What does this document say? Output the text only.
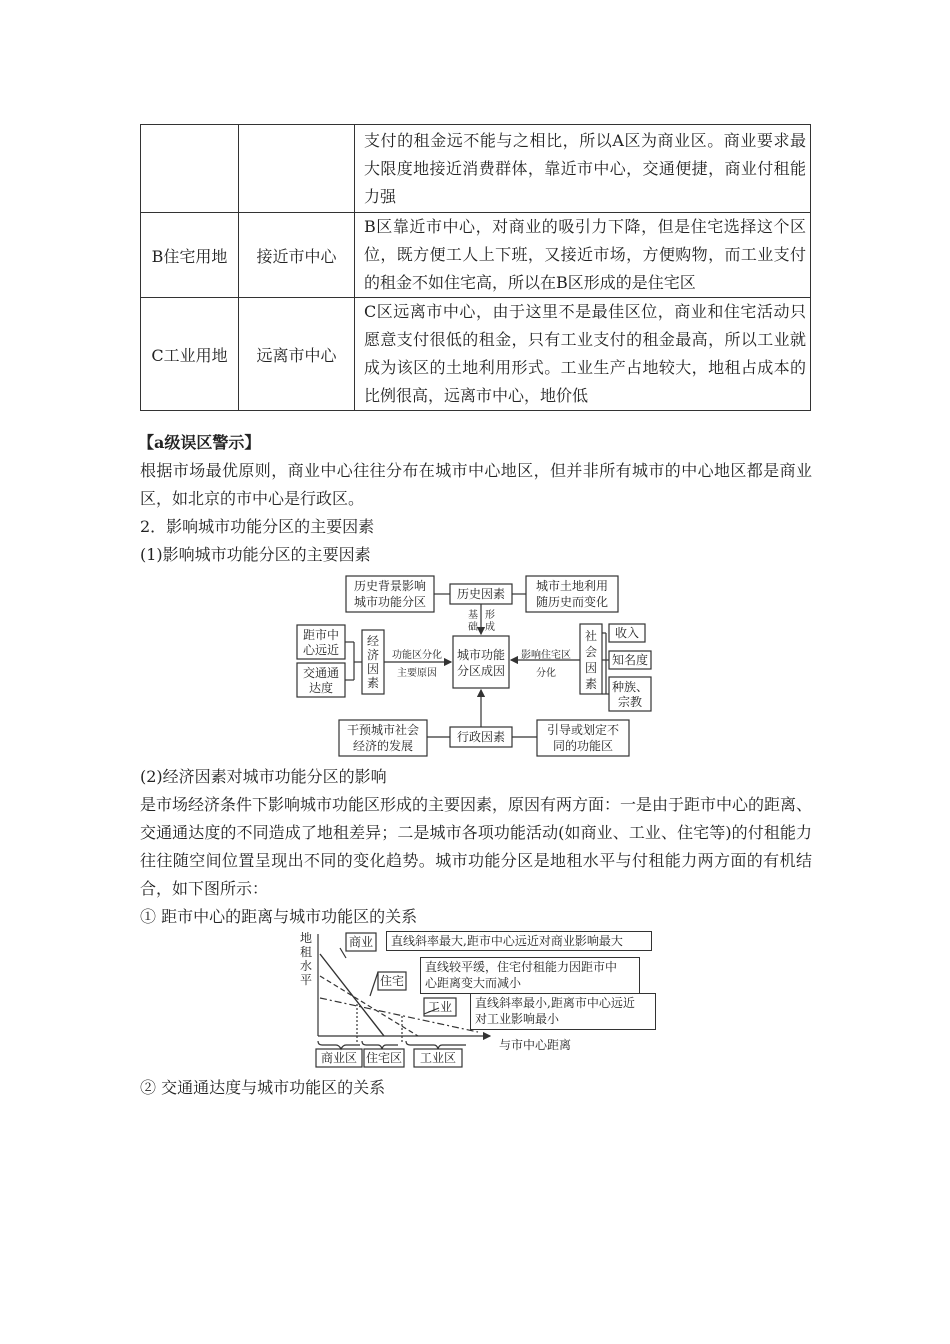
		支付的租金远不能与之相比，所以A区为商业区。商业要求最大限度地接近消费群体，靠近市中心，交通便捷，商业付租能力强
B住宅用地	接近市中心	B区靠近市中心，对商业的吸引力下降，但是住宅选择这个区位，既方便工人上下班，又接近市场，方便购物，而工业支付的租金不如住宅高，所以在B区形成的是住宅区
C工业用地	远离市中心	C区远离市中心，由于这里不是最佳区位，商业和住宅活动只愿意支付很低的租金，只有工业支付的租金最高，所以工业就成为该区的土地利用形式。工业生产占地较大，地租占成本的比例很高，远离市中心，地价低
【a级误区警示】
根据市场最优原则，商业中心往往分布在城市中心地区，但并非所有城市的中心地区都是商业区，如北京的市中心是行政区。
2．影响城市功能分区的主要因素
(1)影响城市功能分区的主要因素
历史背景影响
城市功能分区
历史因素
城市土地利用
随历史而变化
基
础
形
成
城市功能
分区成因
距市中
心远近
交通通
达度
经
济
因
素
功能区分化
主要原因
影响住宅区
分化
社
会
因
素
收入
知名度
种族、
宗教
干预城市社会
经济的发展
行政因素	引导或划定不
同的功能区
(2)经济因素对城市功能分区的影响
是市场经济条件下影响城市功能区形成的主要因素，原因有两方面：一是由于距市中心的距离、交通通达度的不同造成了地租差异；二是城市各项功能活动(如商业、工业、住宅等)的付租能力往往随空间位置呈现出不同的变化趋势。城市功能分区是地租水平与付租能力两方面的有机结合，如下图所示：
① 距市中心的距离与城市功能区的关系
地
租
水
平
商业
住宅
工业
商业区 住宅区 工业区
与市中心距离
直线斜率最大,距市中心远近对商业影响最大
直线较平缓，住宅付租能力因距市中
心距离变大而减小
直线斜率最小,距离市中心远近
对工业影响最小
② 交通通达度与城市功能区的关系
